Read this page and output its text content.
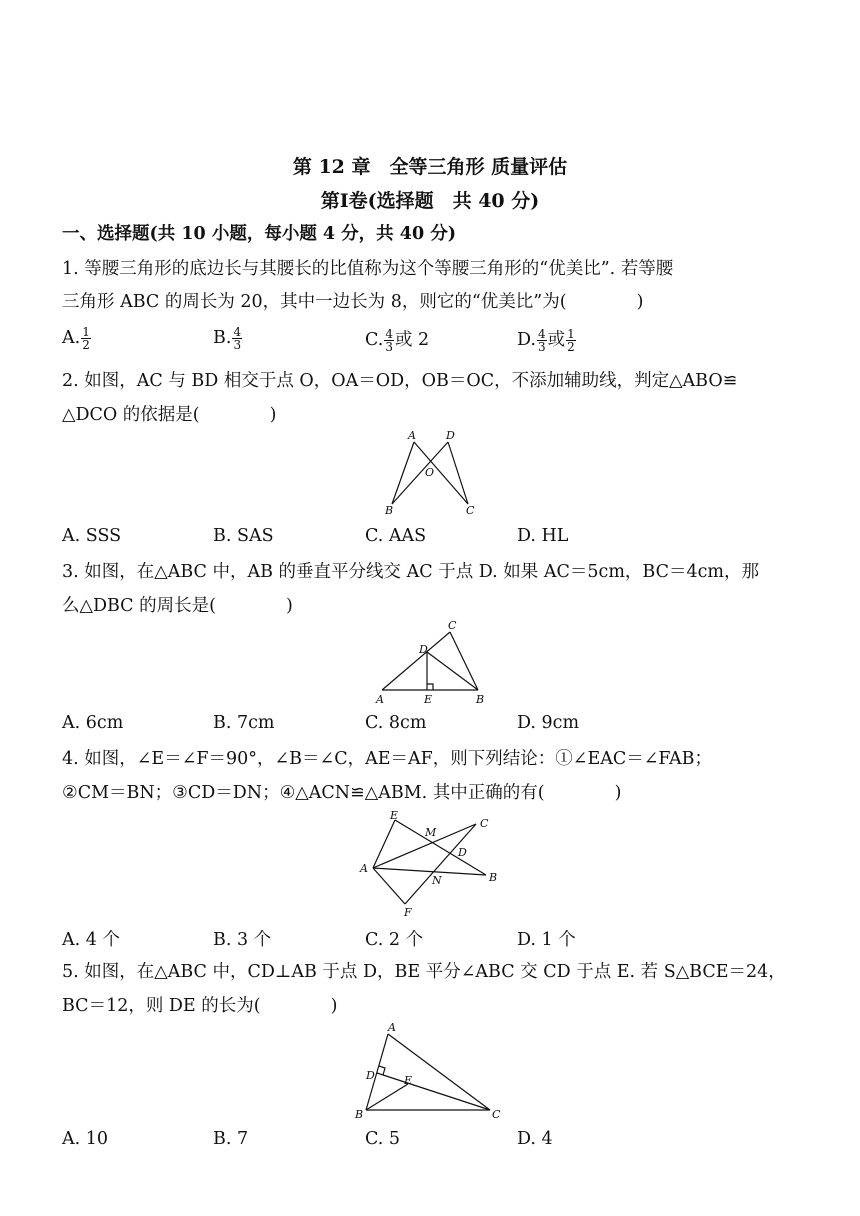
第 12 章　全等三角形 质量评估
第Ⅰ卷(选择题　共 40 分)
一、选择题(共 10 小题，每小题 4 分，共 40 分)
1. 等腰三角形的底边长与其腰长的比值称为这个等腰三角形的“优美比”. 若等腰
三角形 ABC 的周长为 20，其中一边长为 8，则它的“优美比”为(　　　　)
A. $\frac{1}{2}$	B. $\frac{4}{3}$	C. $\frac{4}{3}$ 或 2	D. $\frac{4}{3}$ 或 $\frac{1}{2}$
2. 如图，AC 与 BD 相交于点 O，OA＝OD，OB＝OC，不添加辅助线，判定△ABO≌
△DCO 的依据是(　　　　)
A	D
O
B	C
A. SSS	B. SAS	C. AAS	D. HL
3. 如图，在△ABC 中，AB 的垂直平分线交 AC 于点 D. 如果 AC＝5cm，BC＝4cm，那
么△DBC 的周长是(　　　　)
C
D
A	E	B
A. 6cm	B. 7cm	C. 8cm	D. 9cm
4. 如图，∠E＝∠F＝90°，∠B＝∠C，AE＝AF，则下列结论：①∠EAC＝∠FAB；
②CM＝BN；③CD＝DN；④△ACN≌△ABM. 其中正确的有(　　　　)
E
M
C
D
A
N	B
F
A. 4 个	B. 3 个	C. 2 个	D. 1 个
5. 如图，在△ABC 中，CD⊥AB 于点 D，BE 平分∠ABC 交 CD 于点 E. 若 S△BCE＝24，
BC＝12，则 DE 的长为(　　　　)
A
D	E
B	C
A. 10	B. 7	C. 5	D. 4
